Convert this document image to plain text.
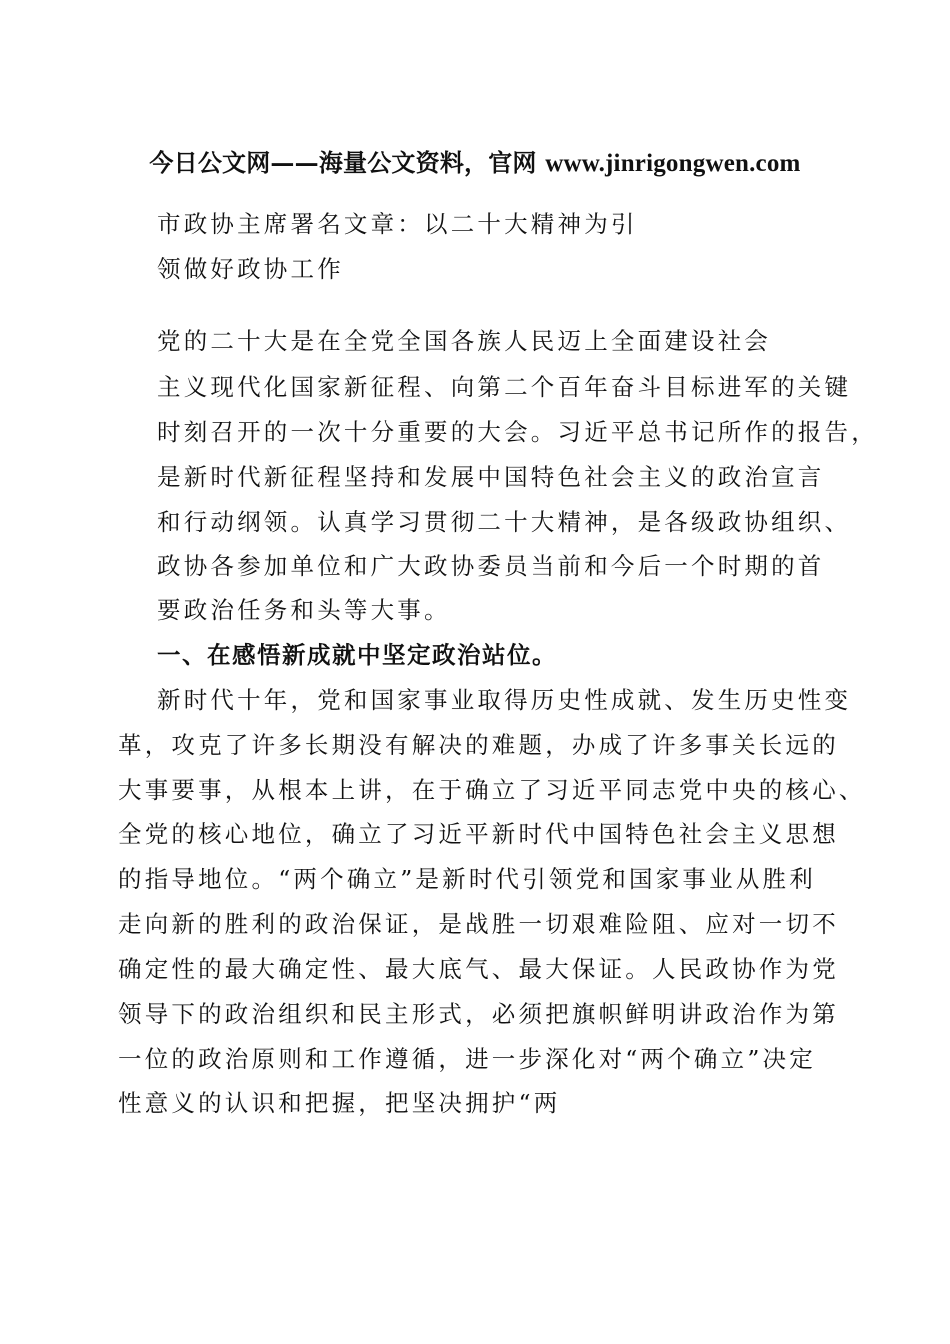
今日公文网——海量公文资料，官网 www.jinrigongwen.com
市政协主席署名文章：以二十大精神为引
领做好政协工作
党的二十大是在全党全国各族人民迈上全面建设社会
主义现代化国家新征程、向第二个百年奋斗目标进军的关键
时刻召开的一次十分重要的大会。习近平总书记所作的报告，
是新时代新征程坚持和发展中国特色社会主义的政治宣言
和行动纲领。认真学习贯彻二十大精神，是各级政协组织、
政协各参加单位和广大政协委员当前和今后一个时期的首
要政治任务和头等大事。
一、在感悟新成就中坚定政治站位。
新时代十年，党和国家事业取得历史性成就、发生历史性变
革，攻克了许多长期没有解决的难题，办成了许多事关长远的
大事要事，从根本上讲，在于确立了习近平同志党中央的核心、
全党的核心地位，确立了习近平新时代中国特色社会主义思想
的指导地位。“两个确立”是新时代引领党和国家事业从胜利
走向新的胜利的政治保证，是战胜一切艰难险阻、应对一切不
确定性的最大确定性、最大底气、最大保证。人民政协作为党
领导下的政治组织和民主形式，必须把旗帜鲜明讲政治作为第
一位的政治原则和工作遵循，进一步深化对“两个确立”决定
性意义的认识和把握，把坚决拥护“两
